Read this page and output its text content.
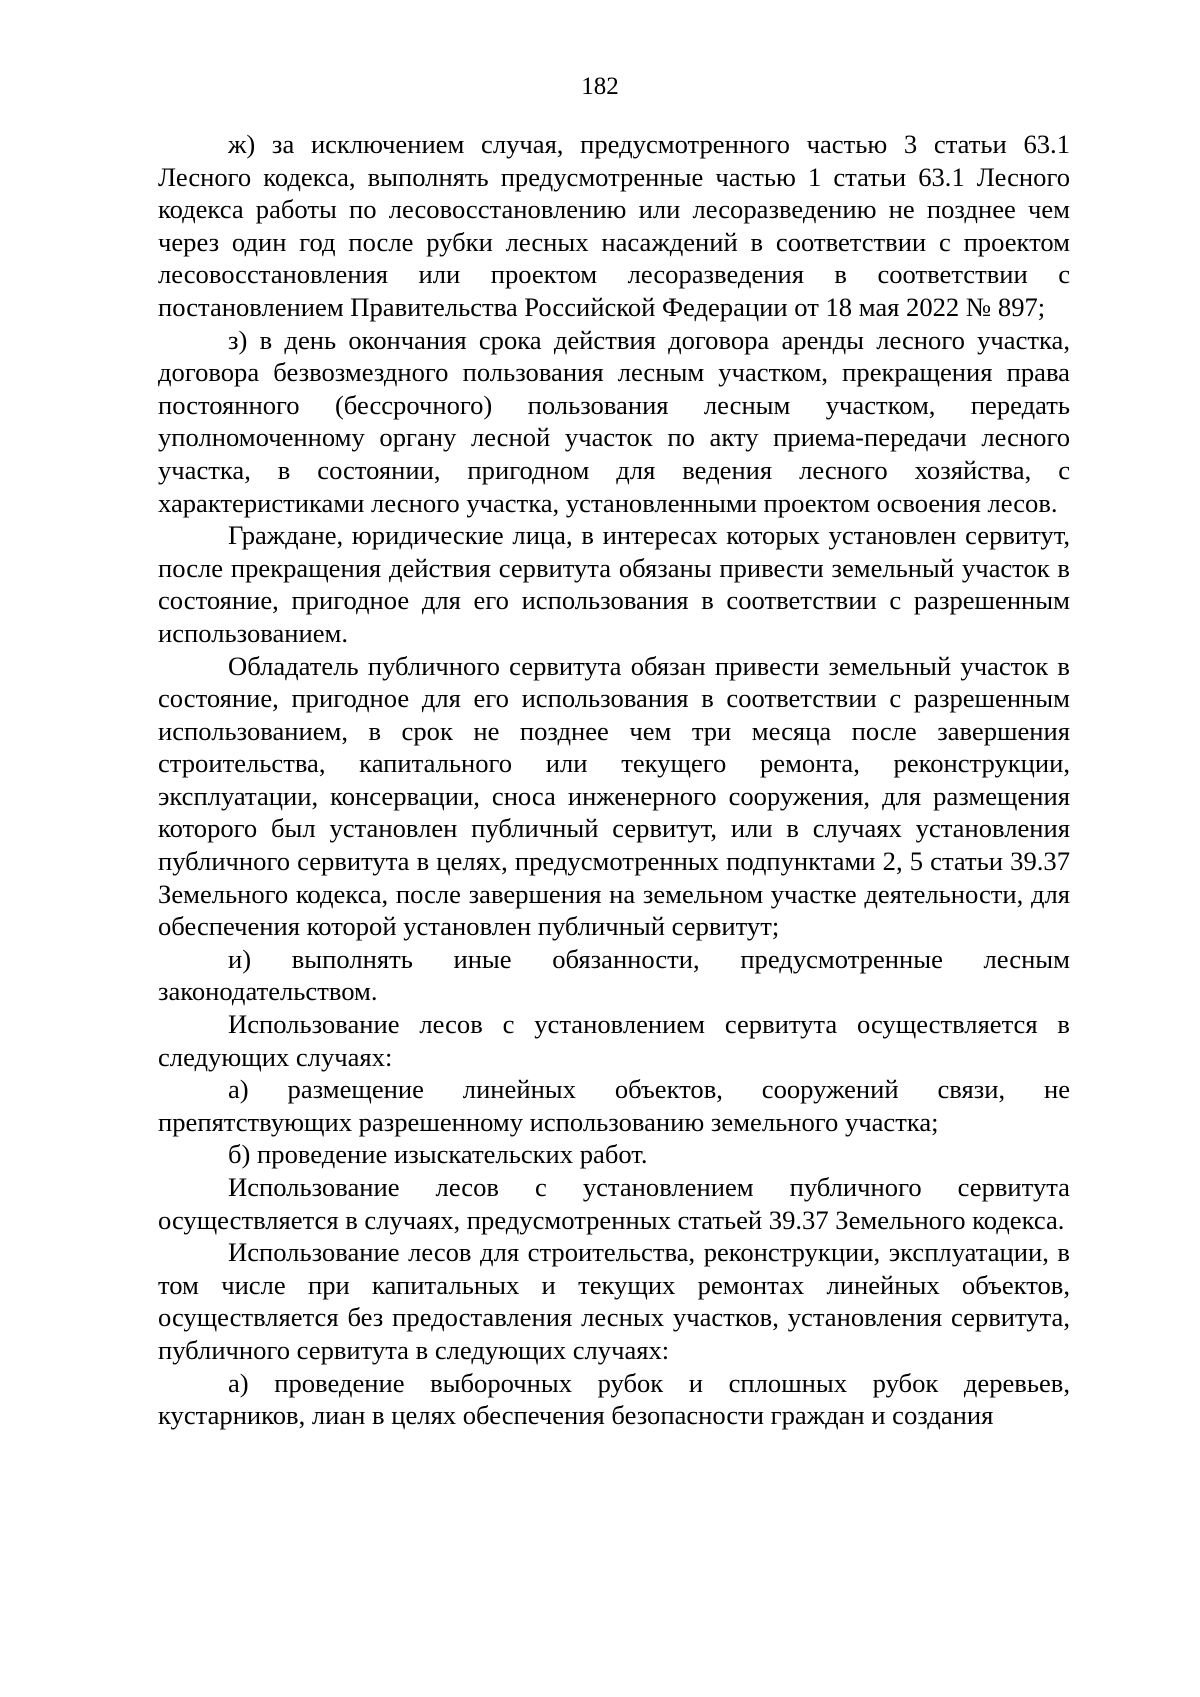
182

ж) за исключением случая, предусмотренного частью 3 статьи 63.1 Лесного кодекса, выполнять предусмотренные частью 1 статьи 63.1 Лесного кодекса работы по лесовосстановлению или лесоразведению не позднее чем через один год после рубки лесных насаждений в соответствии с проектом лесовосстановления или проектом лесоразведения в соответствии с постановлением Правительства Российской Федерации от 18 мая 2022 № 897;

з) в день окончания срока действия договора аренды лесного участка, договора безвозмездного пользования лесным участком, прекращения права постоянного (бессрочного) пользования лесным участком, передать уполномоченному органу лесной участок по акту приема-передачи лесного участка, в состоянии, пригодном для ведения лесного хозяйства, с характеристиками лесного участка, установленными проектом освоения лесов.

Граждане, юридические лица, в интересах которых установлен сервитут, после прекращения действия сервитута обязаны привести земельный участок в состояние, пригодное для его использования в соответствии с разрешенным использованием.

Обладатель публичного сервитута обязан привести земельный участок в состояние, пригодное для его использования в соответствии с разрешенным использованием, в срок не позднее чем три месяца после завершения строительства, капитального или текущего ремонта, реконструкции, эксплуатации, консервации, сноса инженерного сооружения, для размещения которого был установлен публичный сервитут, или в случаях установления публичного сервитута в целях, предусмотренных подпунктами 2, 5 статьи 39.37 Земельного кодекса, после завершения на земельном участке деятельности, для обеспечения которой установлен публичный сервитут;

и) выполнять иные обязанности, предусмотренные лесным законодательством.

Использование лесов с установлением сервитута осуществляется в следующих случаях:

а) размещение линейных объектов, сооружений связи, не препятствующих разрешенному использованию земельного участка;

б) проведение изыскательских работ.

Использование лесов с установлением публичного сервитута осуществляется в случаях, предусмотренных статьей 39.37 Земельного кодекса.

Использование лесов для строительства, реконструкции, эксплуатации, в том числе при капитальных и текущих ремонтах линейных объектов, осуществляется без предоставления лесных участков, установления сервитута, публичного сервитута в следующих случаях:

а) проведение выборочных рубок и сплошных рубок деревьев, кустарников, лиан в целях обеспечения безопасности граждан и создания
